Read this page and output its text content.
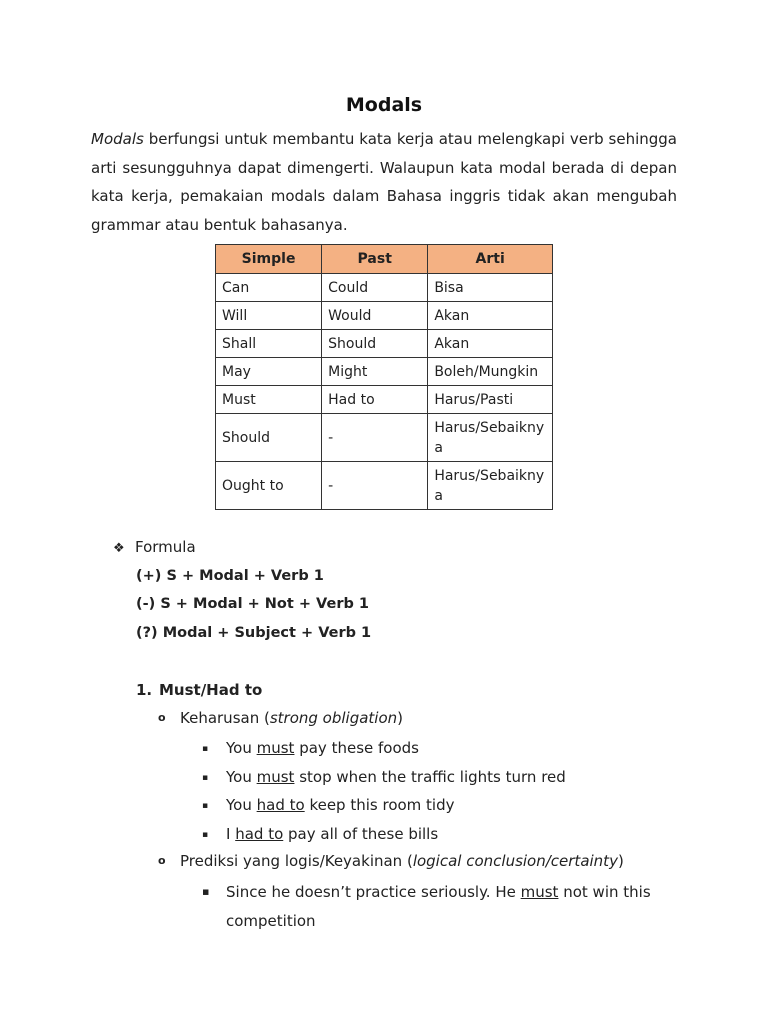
Modals

Modals berfungsi untuk membantu kata kerja atau melengkapi verb sehingga arti sesungguhnya dapat dimengerti. Walaupun kata modal berada di depan kata kerja, pemakaian modals dalam Bahasa inggris tidak akan mengubah grammar atau bentuk bahasanya.

Simple	Past	Arti
Can	Could	Bisa
Will	Would	Akan
Shall	Should	Akan
May	Might	Boleh/Mungkin
Must	Had to	Harus/Pasti
Should	-	Harus/Sebaiknya
Ought to	-	Harus/Sebaiknya
❖ Formula
(+) S + Modal + Verb 1
(-) S + Modal + Not + Verb 1
(?) Modal + Subject + Verb 1
1. Must/Had to
o Keharusan (strong obligation)
▪ You must pay these foods
▪ You must stop when the traffic lights turn red
▪ You had to keep this room tidy
▪ I had to pay all of these bills
o Prediksi yang logis/Keyakinan (logical conclusion/certainty)
▪ Since he doesn’t practice seriously. He must not win this
competition
